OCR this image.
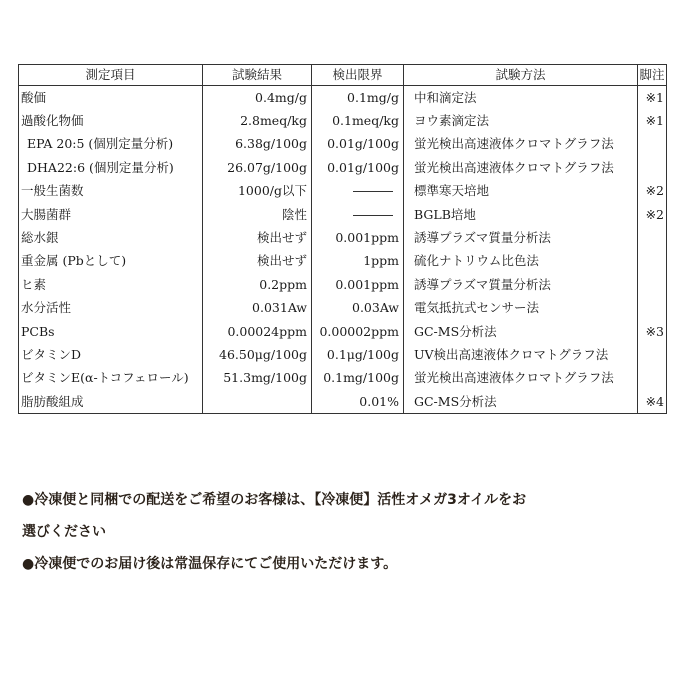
測定項目	試験結果	検出限界	試験方法	脚注
酸価	0.4mg/g	0.1mg/g	中和滴定法	※1
過酸化物価	2.8meq/kg	0.1meq/kg	ヨウ素滴定法	※1
EPA 20:5 (個別定量分析)	6.38g/100g	0.01g/100g	蛍光検出高速液体クロマトグラフ法	
DHA22:6 (個別定量分析)	26.07g/100g	0.01g/100g	蛍光検出高速液体クロマトグラフ法	
一般生菌数	1000/g以下		標準寒天培地	※2
大腸菌群	陰性		BGLB培地	※2
総水銀	検出せず	0.001ppm	誘導プラズマ質量分析法	
重金属 (Pbとして)	検出せず	1ppm	硫化ナトリウム比色法	
ヒ素	0.2ppm	0.001ppm	誘導プラズマ質量分析法	
水分活性	0.031Aw	0.03Aw	電気抵抗式センサー法	
PCBs	0.00024ppm	0.00002ppm	GC-MS分析法	※3
ビタミンD	46.50μg/100g	0.1μg/100g	UV検出高速液体クロマトグラフ法	
ビタミンE(α-トコフェロール)	51.3mg/100g	0.1mg/100g	蛍光検出高速液体クロマトグラフ法	
脂肪酸組成		0.01%	GC-MS分析法	※4
●冷凍便と同梱での配送をご希望のお客様は、【冷凍便】活性オメガ3オイルをお
選びください
●冷凍便でのお届け後は常温保存にてご使用いただけます。
